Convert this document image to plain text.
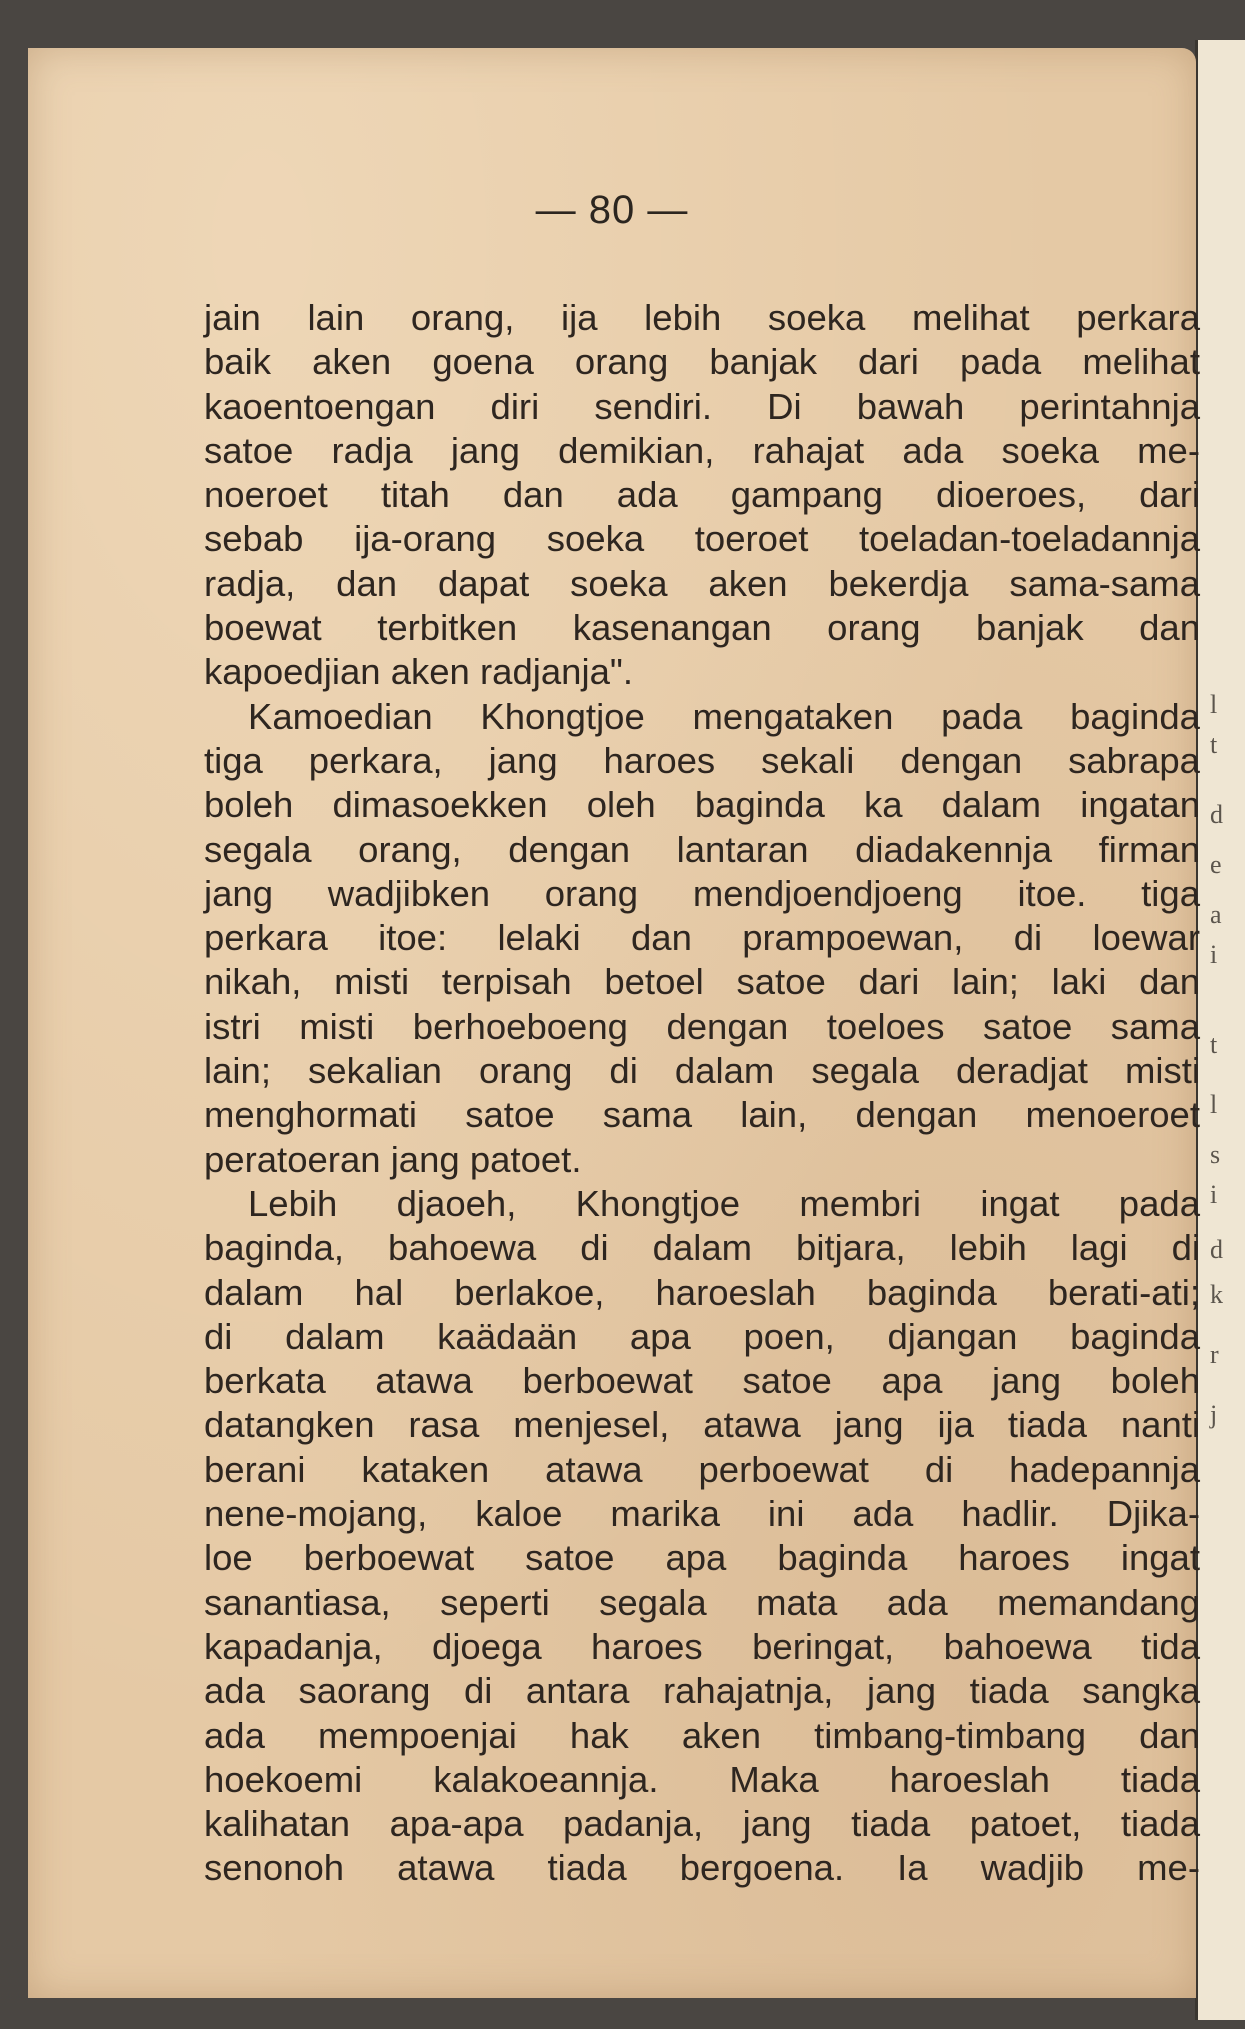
l
t
d
e
a
i
t
l
s
i
d
k
r
j
— 80 —
jain lain orang, ija lebih soeka melihat perkara
baik aken goena orang banjak dari pada melihat
kaoentoengan diri sendiri. Di bawah perintahnja
satoe radja jang demikian, rahajat ada soeka me-
noeroet titah dan ada gampang dioeroes, dari
sebab ija-orang soeka toeroet toeladan-toeladannja
radja, dan dapat soeka aken bekerdja sama-sama
boewat terbitken kasenangan orang banjak dan
kapoedjian aken radjanja".
Kamoedian Khongtjoe mengataken pada baginda
tiga perkara, jang haroes sekali dengan sabrapa
boleh dimasoekken oleh baginda ka dalam ingatan
segala orang, dengan lantaran diadakennja firman
jang wadjibken orang mendjoendjoeng itoe. tiga
perkara itoe: lelaki dan prampoewan, di loewar
nikah, misti terpisah betoel satoe dari lain; laki dan
istri misti berhoeboeng dengan toeloes satoe sama
lain; sekalian orang di dalam segala deradjat misti
menghormati satoe sama lain, dengan menoeroet
peratoeran jang patoet.
Lebih djaoeh, Khongtjoe membri ingat pada
baginda, bahoewa di dalam bitjara, lebih lagi di
dalam hal berlakoe, haroeslah baginda berati-ati;
di dalam kaädaän apa poen, djangan baginda
berkata atawa berboewat satoe apa jang boleh
datangken rasa menjesel, atawa jang ija tiada nanti
berani kataken atawa perboewat di hadepannja
nene-mojang, kaloe marika ini ada hadlir. Djika-
loe berboewat satoe apa baginda haroes ingat
sanantiasa, seperti segala mata ada memandang
kapadanja, djoega haroes beringat, bahoewa tida
ada saorang di antara rahajatnja, jang tiada sangka
ada mempoenjai hak aken timbang-timbang dan
hoekoemi kalakoeannja. Maka haroeslah tiada
kalihatan apa-apa padanja, jang tiada patoet, tiada
senonoh atawa tiada bergoena. Ia wadjib me-
